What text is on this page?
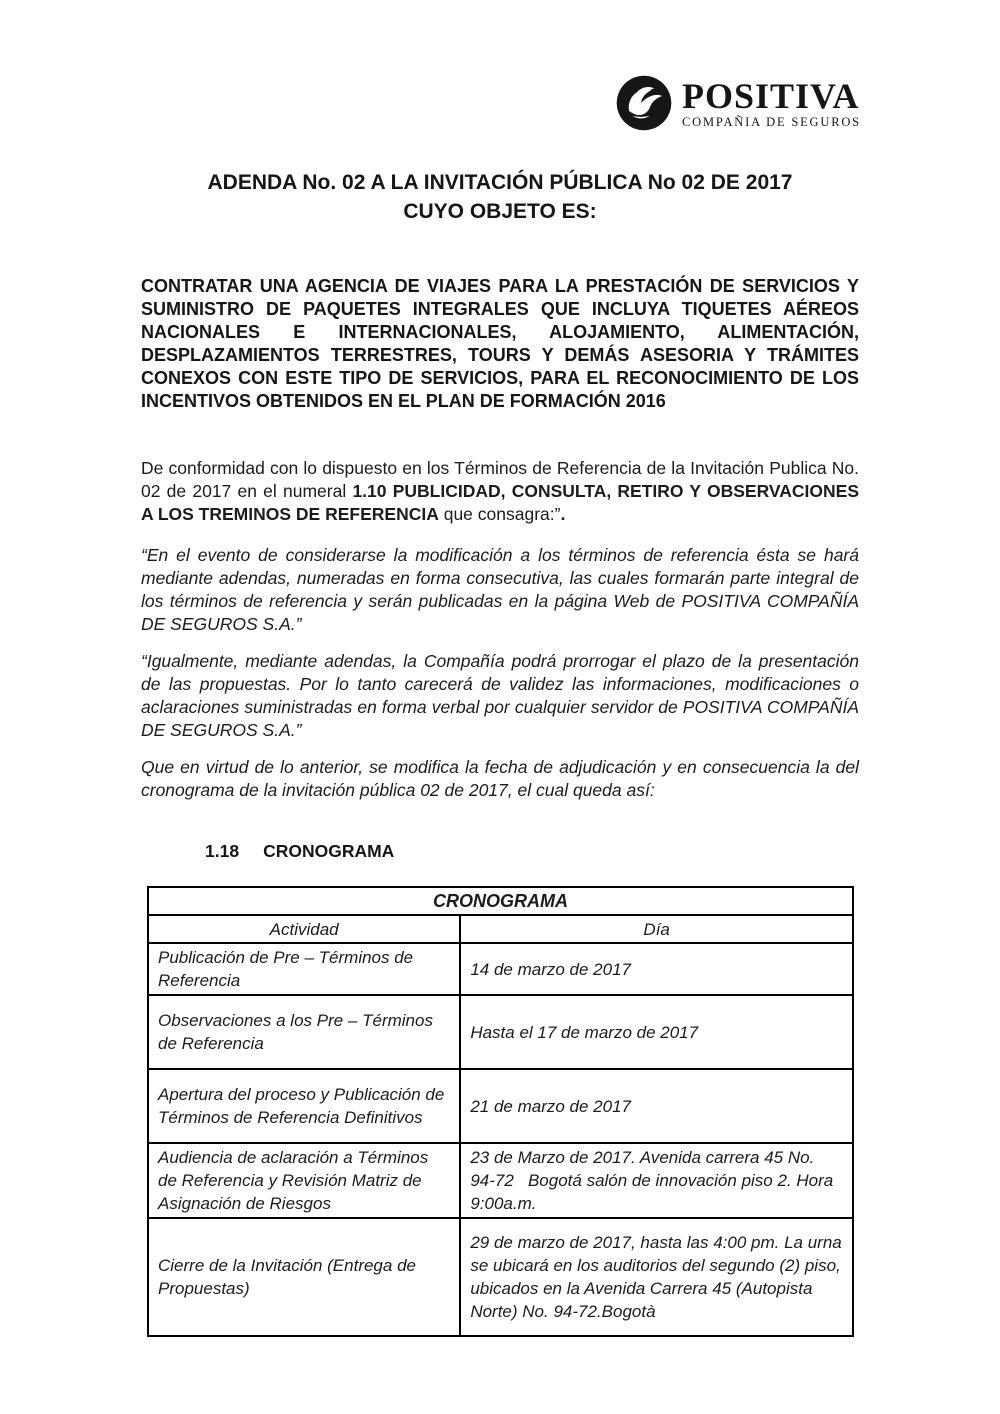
POSITIVA
COMPAÑIA DE SEGUROS
ADENDA No. 02 A LA INVITACIÓN PÚBLICA No 02 DE 2017
CUYO OBJETO ES:

CONTRATAR UNA AGENCIA DE VIAJES PARA LA PRESTACIÓN DE SERVICIOS Y SUMINISTRO DE PAQUETES INTEGRALES QUE INCLUYA TIQUETES AÉREOS NACIONALES E INTERNACIONALES, ALOJAMIENTO, ALIMENTACIÓN, DESPLAZAMIENTOS TERRESTRES, TOURS Y DEMÁS ASESORIA Y TRÁMITES CONEXOS CON ESTE TIPO DE SERVICIOS, PARA EL RECONOCIMIENTO DE LOS INCENTIVOS OBTENIDOS EN EL PLAN DE FORMACIÓN 2016

De conformidad con lo dispuesto en los Términos de Referencia de la Invitación Publica No. 02 de 2017 en el numeral 1.10 PUBLICIDAD, CONSULTA, RETIRO Y OBSERVACIONES A LOS TREMINOS DE REFERENCIA que consagra:”.

“En el evento de considerarse la modificación a los términos de referencia ésta se hará mediante adendas, numeradas en forma consecutiva, las cuales formarán parte integral de los términos de referencia y serán publicadas en la página Web de POSITIVA COMPAÑÍA DE SEGUROS S.A.”

“Igualmente, mediante adendas, la Compañía podrá prorrogar el plazo de la presentación de las propuestas. Por lo tanto carecerá de validez las informaciones, modificaciones o aclaraciones suministradas en forma verbal por cualquier servidor de POSITIVA COMPAÑÍA DE SEGUROS S.A.”

Que en virtud de lo anterior, se modifica la fecha de adjudicación y en consecuencia la del cronograma de la invitación pública 02 de 2017, el cual queda así:

1.18 CRONOGRAMA
CRONOGRAMA	
Actividad	Día
Publicación de Pre – Términos de Referencia	14 de marzo de 2017
Observaciones a los Pre – Términos de Referencia	Hasta el 17 de marzo de 2017
Apertura del proceso y Publicación de Términos de Referencia Definitivos	21 de marzo de 2017
Audiencia de aclaración a Términos de Referencia y Revisión Matriz de Asignación de Riesgos	23 de Marzo de 2017. Avenida carrera 45 No. 94-72   Bogotá salón de innovación piso 2. Hora 9:00a.m.
Cierre de la Invitación (Entrega de Propuestas)	29 de marzo de 2017, hasta las 4:00 pm. La urna se ubicará en los auditorios del segundo (2) piso, ubicados en la Avenida Carrera 45 (Autopista Norte) No. 94-72.Bogotà
